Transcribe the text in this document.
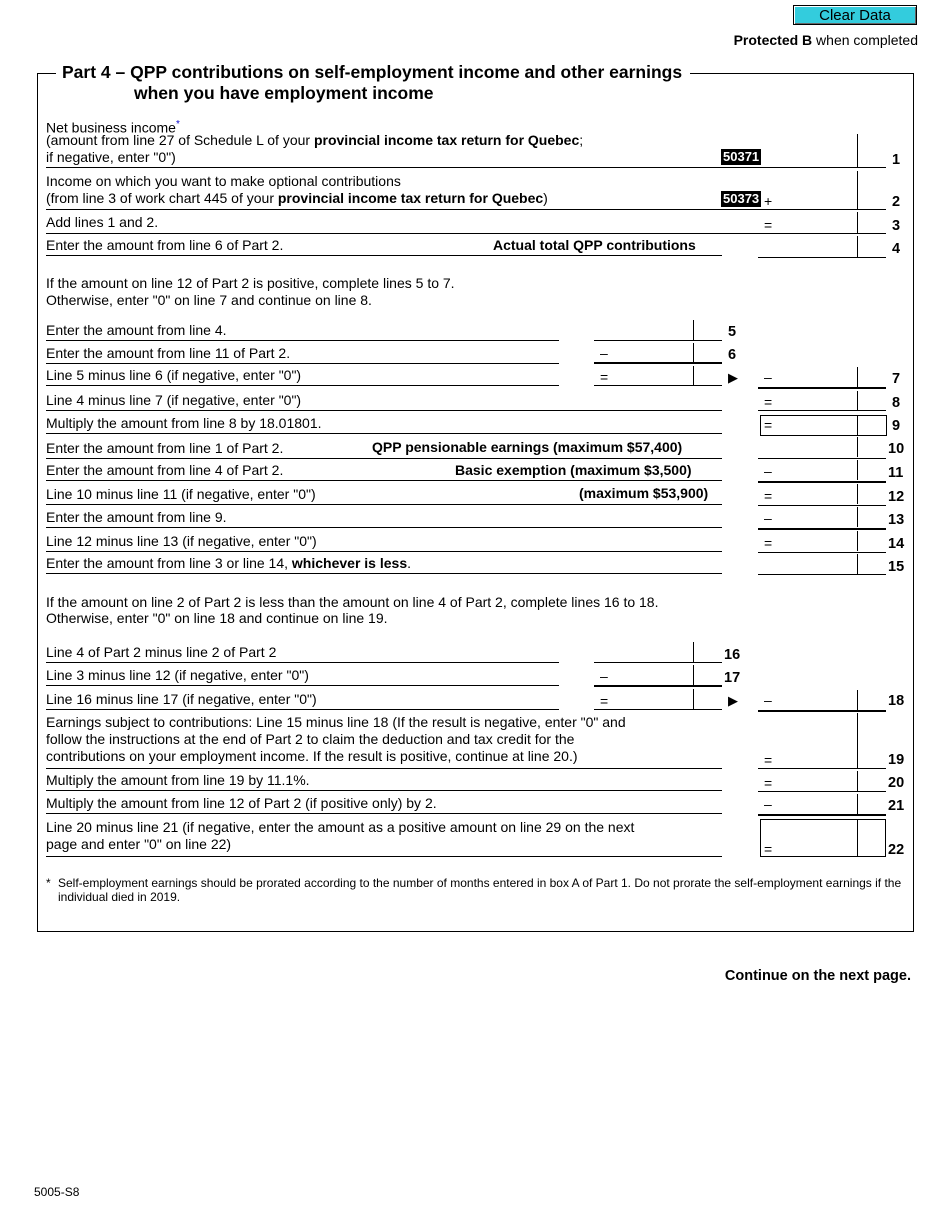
Clear Data
Protected B when completed
Part 4 – QPP contributions on self-employment income and other earnings
when you have employment income
Net business income*
(amount from line 27 of Schedule L of your provincial income tax return for Quebec;
if negative, enter "0")	50371	1
Income on which you want to make optional contributions
(from line 3 of work chart 445 of your provincial income tax return for Quebec)	50373 +	2
Add lines 1 and 2.	=	3
Enter the amount from line 6 of Part 2.	Actual total QPP contributions	4
If the amount on line 12 of Part 2 is positive, complete lines 5 to 7.
Otherwise, enter "0" on line 7 and continue on line 8.
Enter the amount from line 4.	5
Enter the amount from line 11 of Part 2.	–	6
Line 5 minus line 6 (if negative, enter "0")	=	▶ –	7
Line 4 minus line 7 (if negative, enter "0")	=	8
Multiply the amount from line 8 by 18.01801.	=	9
Enter the amount from line 1 of Part 2.	QPP pensionable earnings (maximum $57,400)	10
Enter the amount from line 4 of Part 2.	Basic exemption (maximum $3,500)	–	11
Line 10 minus line 11 (if negative, enter "0")	(maximum $53,900)	=	12
Enter the amount from line 9.	–	13
Line 12 minus line 13 (if negative, enter "0")	=	14
Enter the amount from line 3 or line 14, whichever is less.	15
If the amount on line 2 of Part 2 is less than the amount on line 4 of Part 2, complete lines 16 to 18.
Otherwise, enter "0" on line 18 and continue on line 19.
Line 4 of Part 2 minus line 2 of Part 2	16
Line 3 minus line 12 (if negative, enter "0")	–	17
Line 16 minus line 17 (if negative, enter "0")	=	▶ –	18
Earnings subject to contributions: Line 15 minus line 18 (If the result is negative, enter "0" and
follow the instructions at the end of Part 2 to claim the deduction and tax credit for the
contributions on your employment income. If the result is positive, continue at line 20.)	=	19
Multiply the amount from line 19 by 11.1%.	=	20
Multiply the amount from line 12 of Part 2 (if positive only) by 2.	–	21
Line 20 minus line 21 (if negative, enter the amount as a positive amount on line 29 on the next
page and enter "0" on line 22)	=	22
* Self-employment earnings should be prorated according to the number of months entered in box A of Part 1. Do not prorate the self-employment earnings if the individual died in 2019.
Continue on the next page.
5005-S8
